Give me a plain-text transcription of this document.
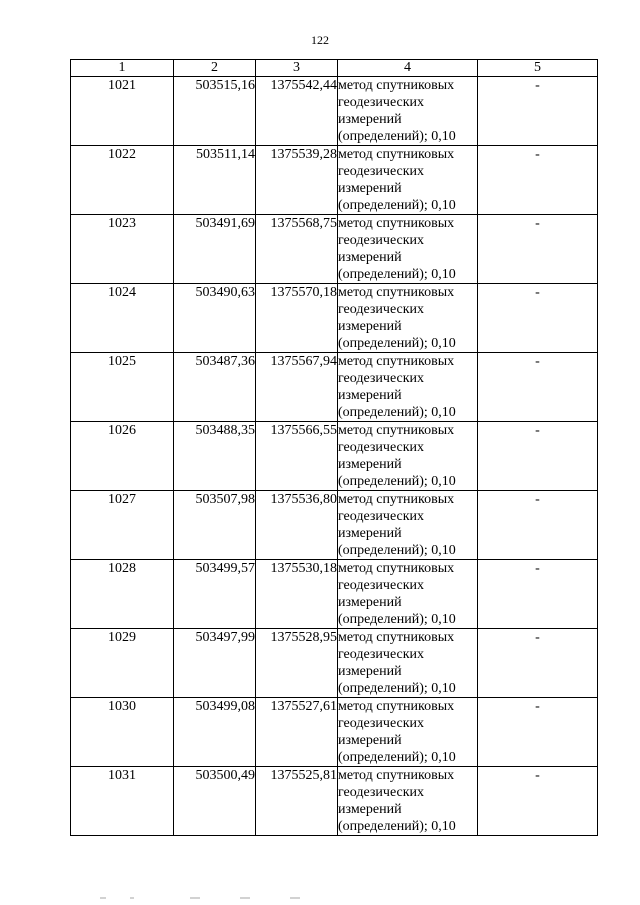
122
1	2	3	4	5
1021	503515,16	1375542,44	метод спутниковых
геодезических
измерений
(определений); 0,10	-
1022	503511,14	1375539,28	метод спутниковых
геодезических
измерений
(определений); 0,10	-
1023	503491,69	1375568,75	метод спутниковых
геодезических
измерений
(определений); 0,10	-
1024	503490,63	1375570,18	метод спутниковых
геодезических
измерений
(определений); 0,10	-
1025	503487,36	1375567,94	метод спутниковых
геодезических
измерений
(определений); 0,10	-
1026	503488,35	1375566,55	метод спутниковых
геодезических
измерений
(определений); 0,10	-
1027	503507,98	1375536,80	метод спутниковых
геодезических
измерений
(определений); 0,10	-
1028	503499,57	1375530,18	метод спутниковых
геодезических
измерений
(определений); 0,10	-
1029	503497,99	1375528,95	метод спутниковых
геодезических
измерений
(определений); 0,10	-
1030	503499,08	1375527,61	метод спутниковых
геодезических
измерений
(определений); 0,10	-
1031	503500,49	1375525,81	метод спутниковых
геодезических
измерений
(определений); 0,10	-
